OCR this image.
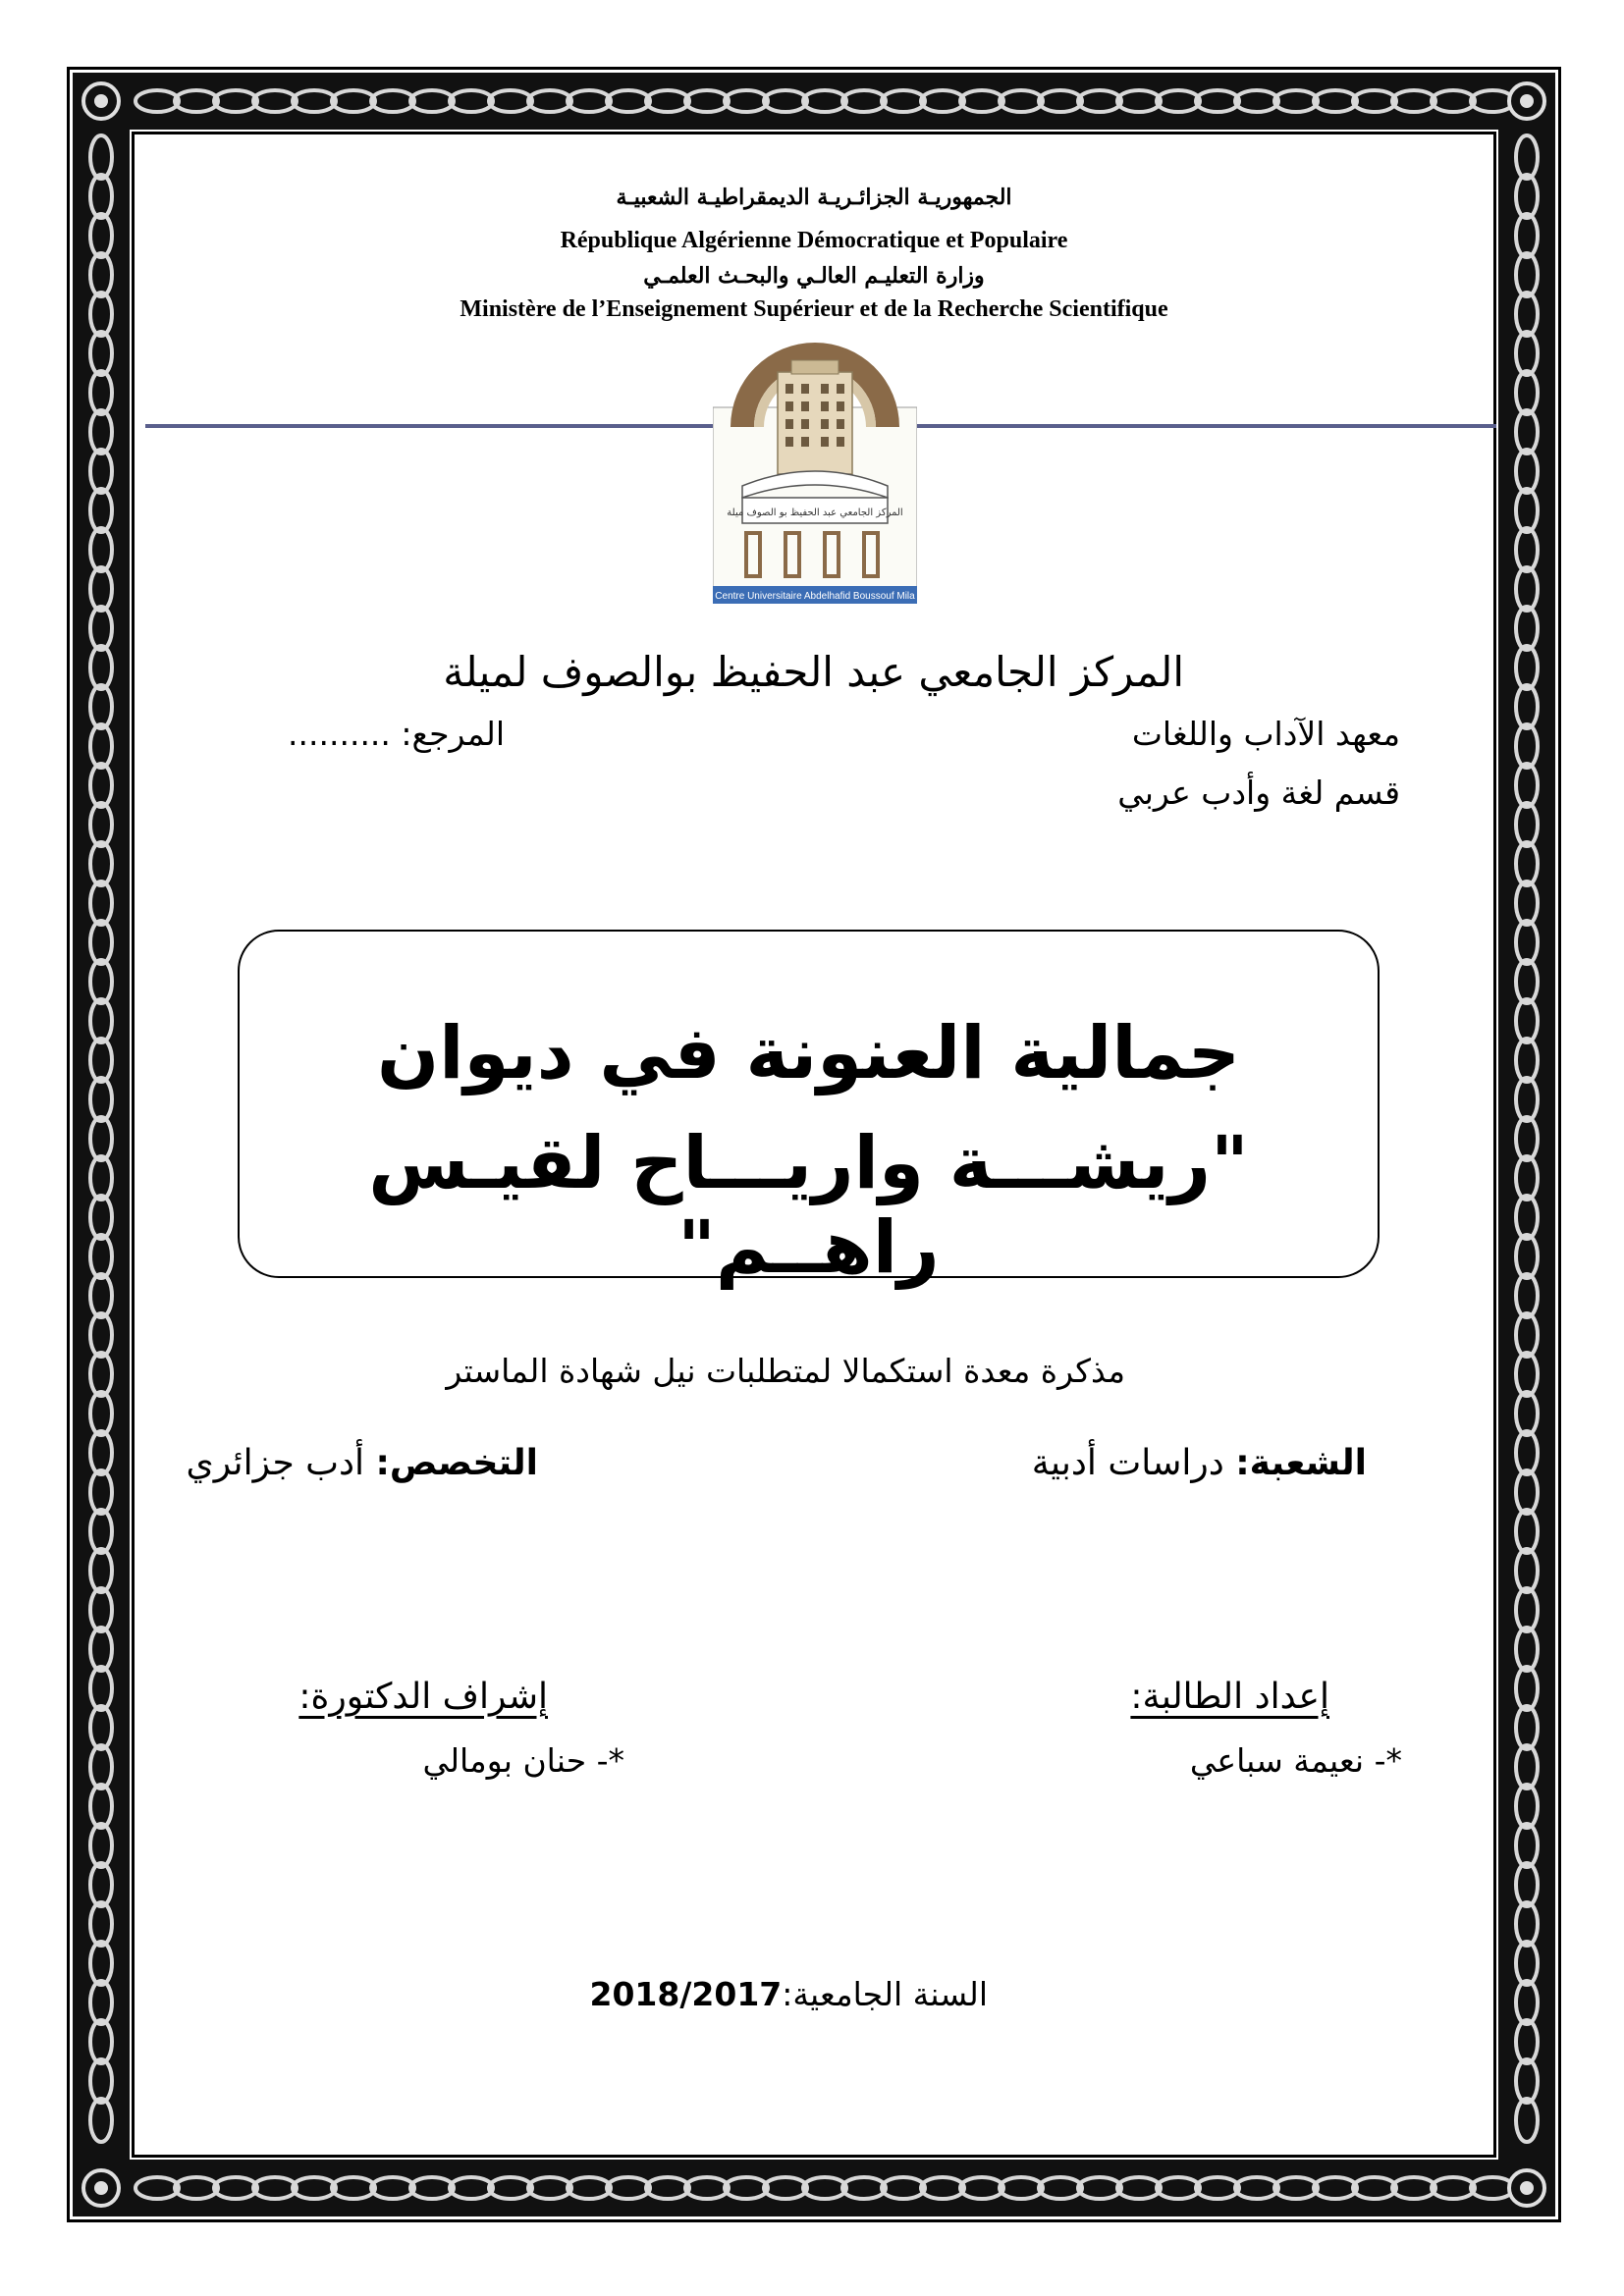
الجمهوريـة الجزائـريـة الديمقراطيـة الشعبيـة
République Algérienne Démocratique et Populaire
وزارة التعليـم العالـي والبحـث العلمـي
Ministère de l’Enseignement Supérieur et de la Recherche Scientifique
المركز الجامعي عبد الحفيظ بو الصوف ميلة
Centre Universitaire Abdelhafid Boussouf Mila
المركز الجامعي عبد الحفيظ بوالصوف لميلة
معهد الآداب واللغات
المرجع: ..........
قسم لغة وأدب عربي
جمالية العنونة في ديوان
"ريشـــة واريـــاح لقيـس راهــم"
مذكرة معدة استكمالا لمتطلبات نيل شهادة الماستر
الشعبة: دراسات أدبية
التخصص: أدب جزائري
إعداد الطالبة:
*- نعيمة سباعي
إشراف الدكتورة:
*- حنان بومالي
السنة الجامعية: 2018/2017
